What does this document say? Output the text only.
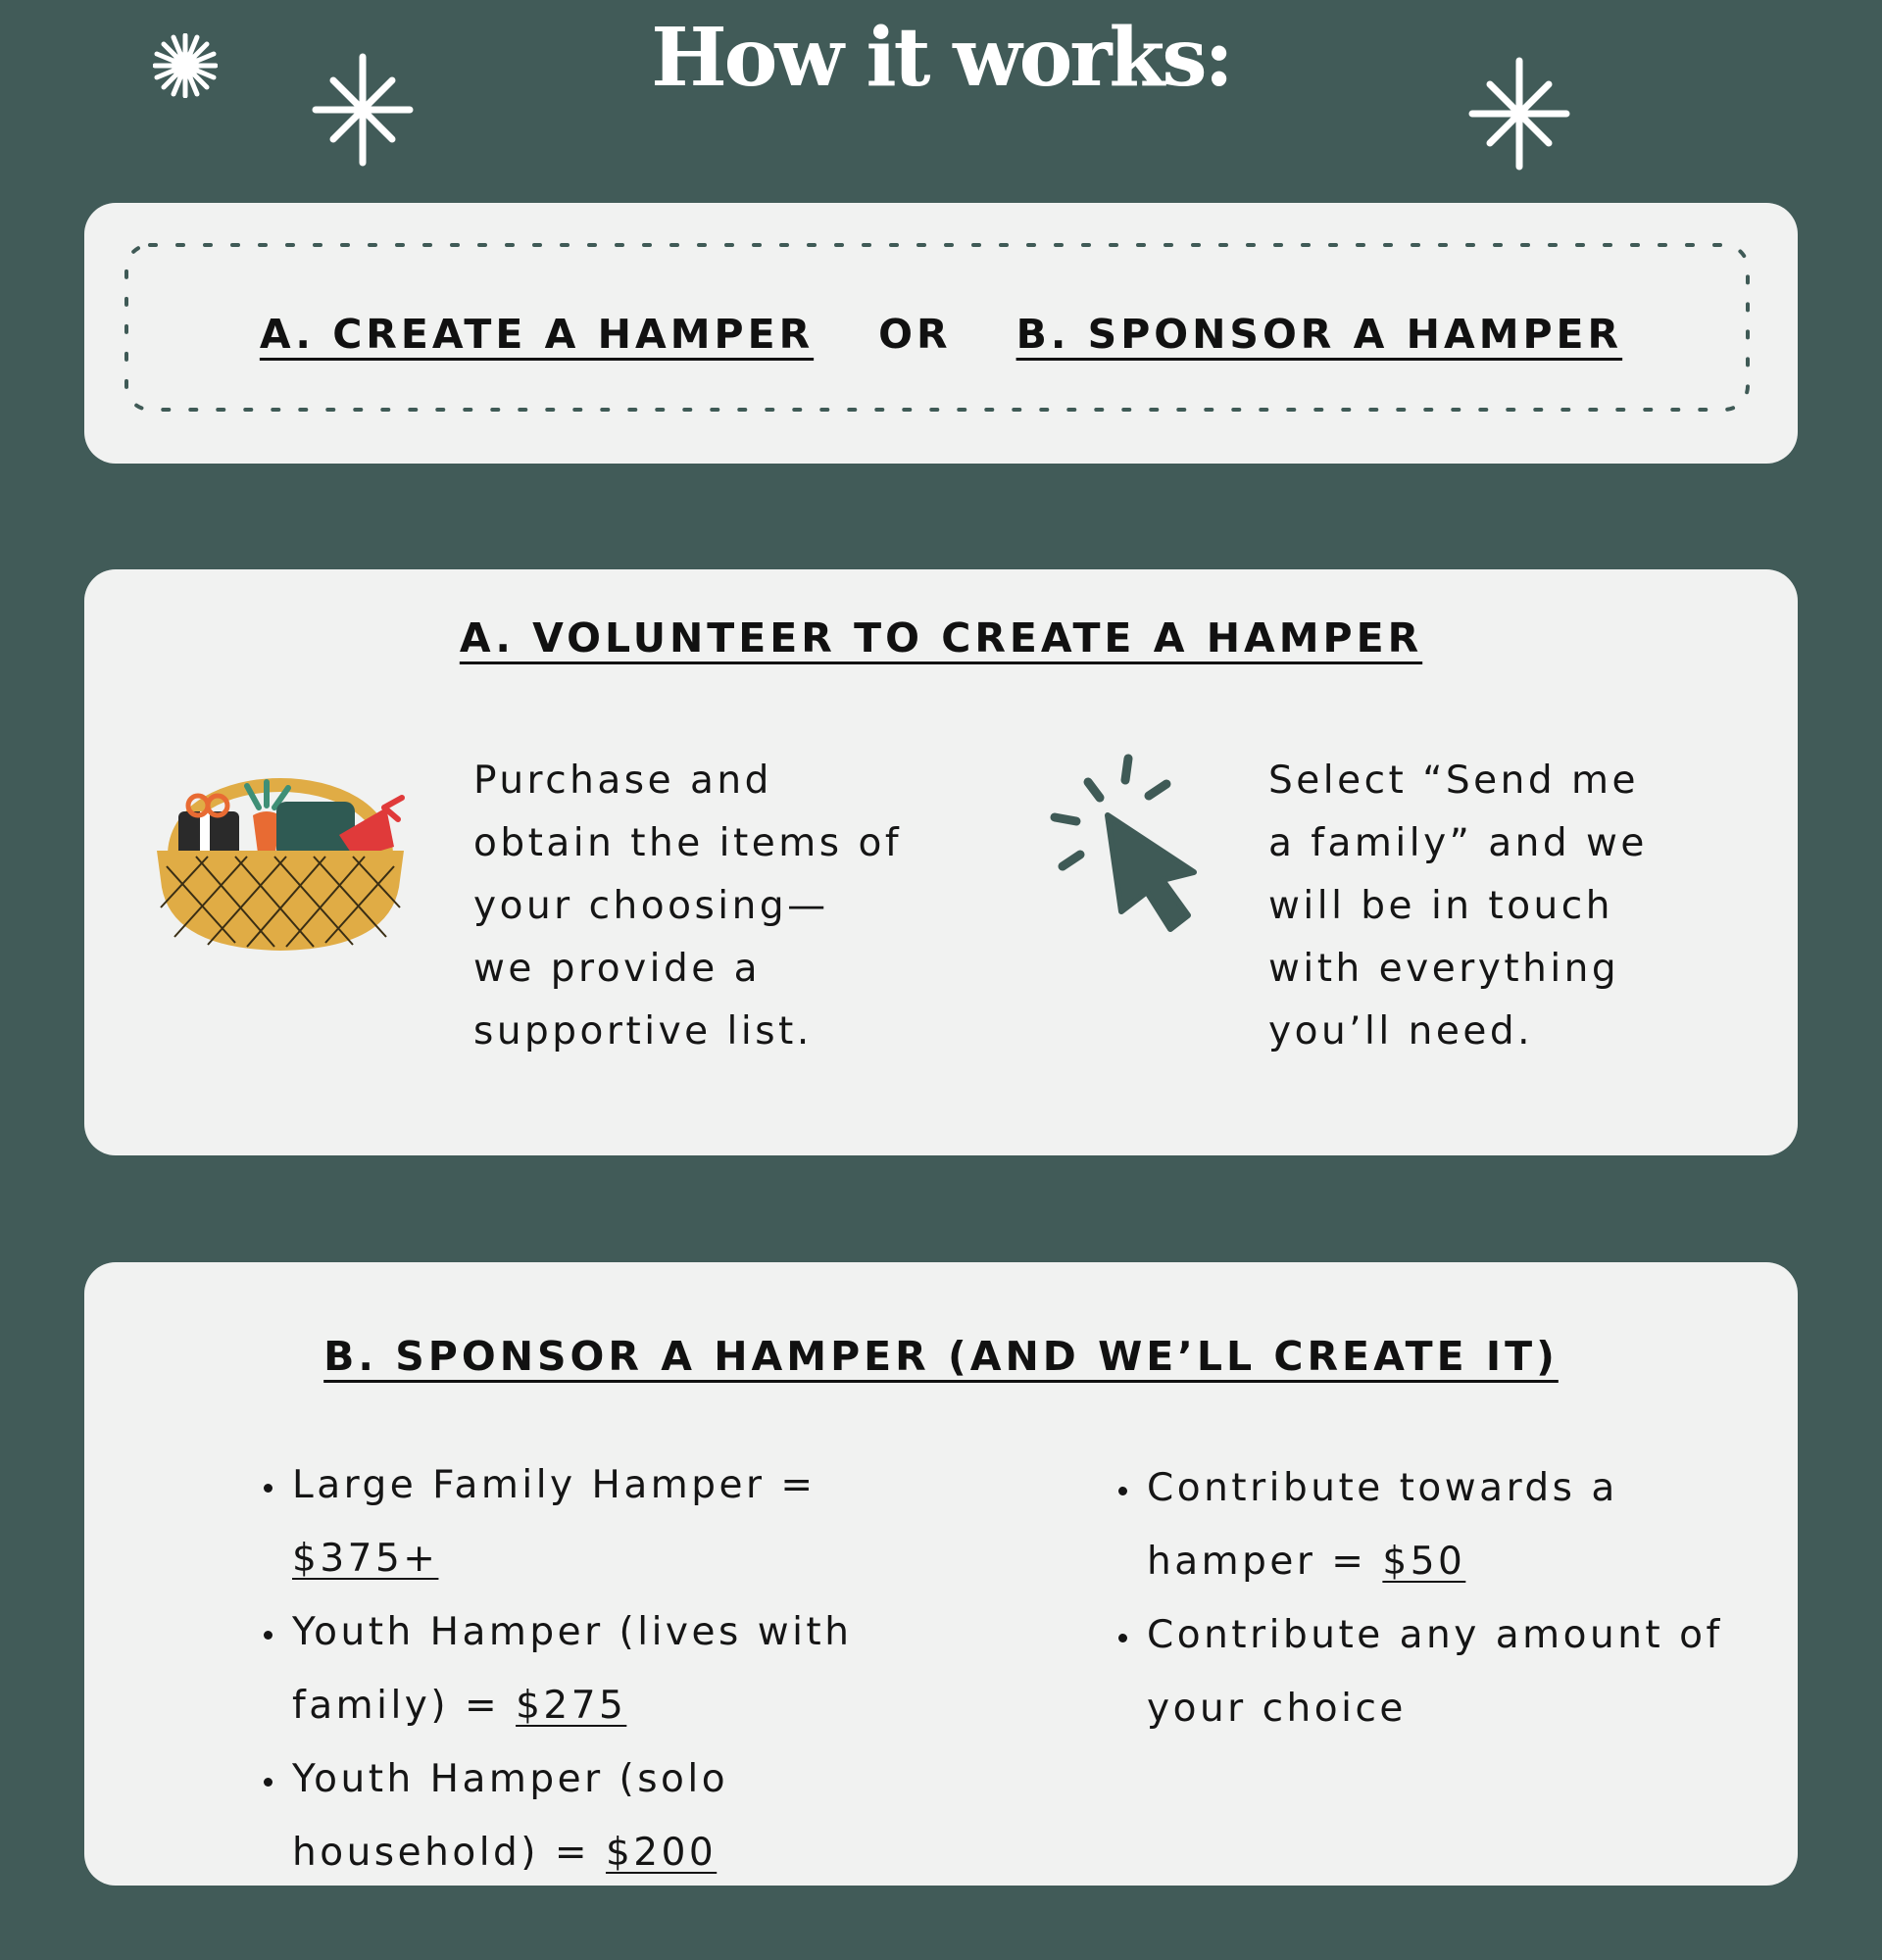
How it works:
A. CREATE A HAMPER OR B. SPONSOR A HAMPER
A. VOLUNTEER TO CREATE A HAMPER
Purchase and
obtain the items of
your choosing—
we provide a
supportive list.
Select “Send me
a family” and we
will be in touch
with everything
you’ll need.
B. SPONSOR A HAMPER (AND WE’LL CREATE IT)
• Large Family Hamper = $375+
• Youth Hamper (lives with family) = $275
• Youth Hamper (solo household) = $200
• Contribute towards a hamper = $50
• Contribute any amount of your choice
